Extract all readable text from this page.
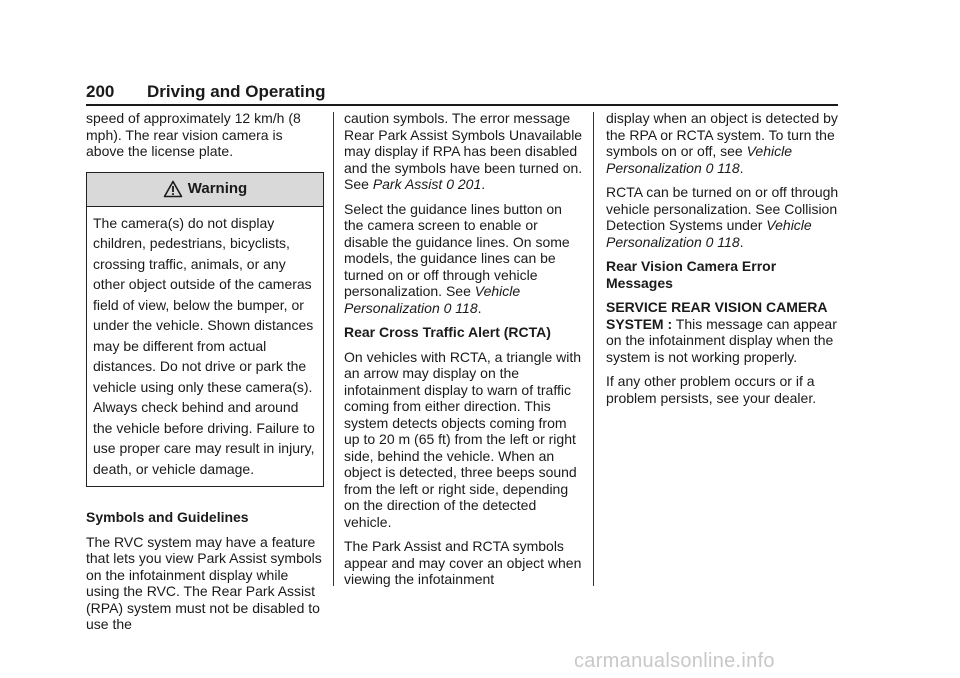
200 Driving and Operating

speed of approximately 12 km/h (8 mph). The rear vision camera is above the license plate.

Warning
The camera(s) do not display children, pedestrians, bicyclists, crossing traffic, animals, or any other object outside of the cameras field of view, below the bumper, or under the vehicle. Shown distances may be different from actual distances. Do not drive or park the vehicle using only these camera(s). Always check behind and around the vehicle before driving. Failure to use proper care may result in injury, death, or vehicle damage.

Symbols and Guidelines

The RVC system may have a feature that lets you view Park Assist symbols on the infotainment display while using the RVC. The Rear Park Assist (RPA) system must not be disabled to use the

caution symbols. The error message Rear Park Assist Symbols Unavailable may display if RPA has been disabled and the symbols have been turned on. See Park Assist 0 201.

Select the guidance lines button on the camera screen to enable or disable the guidance lines. On some models, the guidance lines can be turned on or off through vehicle personalization. See Vehicle Personalization 0 118.

Rear Cross Traffic Alert (RCTA)

On vehicles with RCTA, a triangle with an arrow may display on the infotainment display to warn of traffic coming from either direction. This system detects objects coming from up to 20 m (65 ft) from the left or right side, behind the vehicle. When an object is detected, three beeps sound from the left or right side, depending on the direction of the detected vehicle.

The Park Assist and RCTA symbols appear and may cover an object when viewing the infotainment

display when an object is detected by the RPA or RCTA system. To turn the symbols on or off, see Vehicle Personalization 0 118.

RCTA can be turned on or off through vehicle personalization. See Collision Detection Systems under Vehicle Personalization 0 118.

Rear Vision Camera Error Messages

SERVICE REAR VISION CAMERA SYSTEM : This message can appear on the infotainment display when the system is not working properly.

If any other problem occurs or if a problem persists, see your dealer.

carmanualsonline.info
